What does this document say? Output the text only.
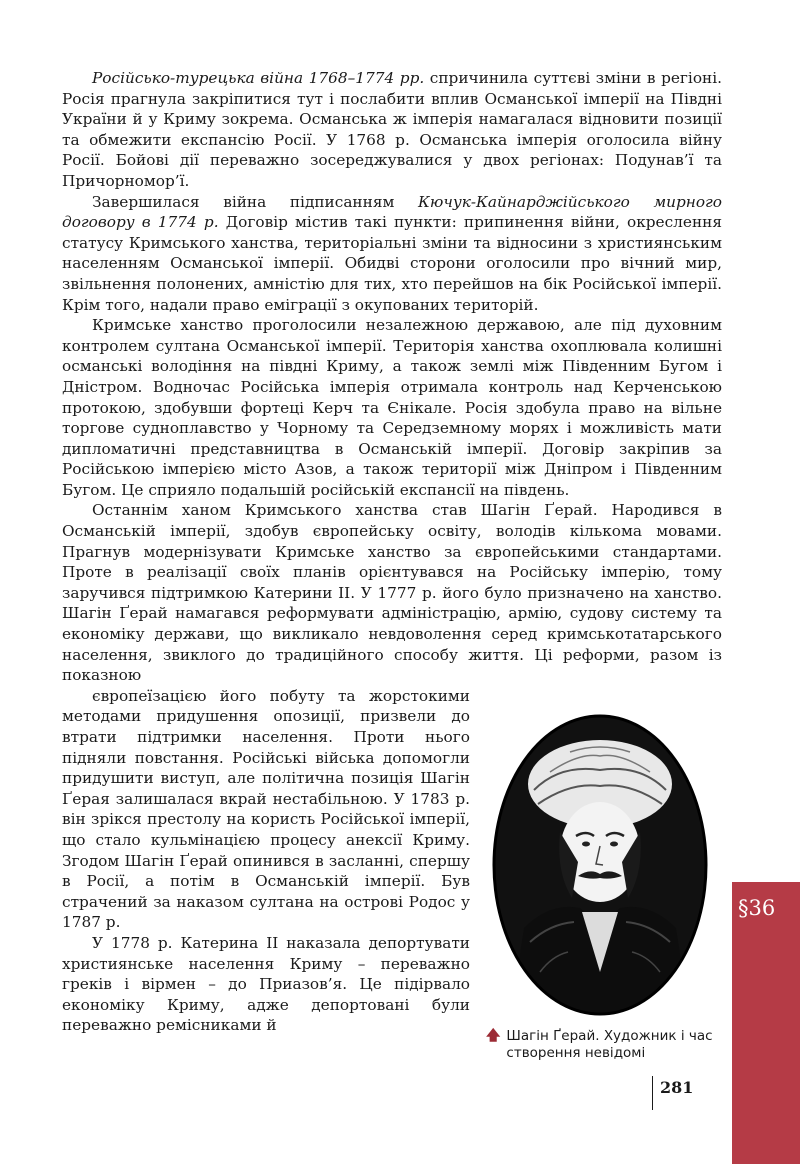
Російсько-турецька війна 1768–1774 рр. спричинила суттєві зміни в регіоні. Росія прагнула закріпитися тут і послабити вплив Османської імперії на Півдні України й у Криму зокрема. Османська ж імперія намагалася відновити позиції та обмежити експансію Росії. У 1768 р. Османська імперія оголосила війну Росії. Бойові дії переважно зосереджувалися у двох регіонах: Подунав’ї та Причорномор’ї.

Завершилася війна підписанням Кючук-Кайнарджійського мирного договору в 1774 р. Договір містив такі пункти: припинення війни, окреслення статусу Кримського ханства, територіальні зміни та відносини з християнським населенням Османської імперії. Обидві сторони оголосили про вічний мир, звільнення полонених, амністію для тих, хто перейшов на бік Російської імперії. Крім того, надали право еміграції з окупованих територій.

Кримське ханство проголосили незалежною державою, але під духовним контролем султана Османської імперії. Територія ханства охоплювала колишні османські володіння на півдні Криму, а також землі між Південним Бугом і Дністром. Водночас Російська імперія отримала контроль над Керченською протокою, здобувши фортеці Керч та Єнікале. Росія здобула право на вільне торгове судноплавство у Чорному та Середземному морях і можливість мати дипломатичні представництва в Османській імперії. Договір закріпив за Російською імперією місто Азов, а також території між Дніпром і Південним Бугом. Це сприяло подальшій російській експансії на південь.

Останнім ханом Кримського ханства став Шагін Ґерай. Народився в Османській імперії, здобув європейську освіту, володів кількома мовами. Прагнув модернізувати Кримське ханство за європейськими стандартами. Проте в реалізації своїх планів орієнтувався на Російську імперію, тому заручився підтримкою Катерини ІІ. У 1777 р. його було призначено на ханство. Шагін Ґерай намагався реформувати адміністрацію, армію, судову систему та економіку держави, що викликало невдоволення серед кримськотатарського населення, звиклого до традиційного способу життя. Ці реформи, разом із показною
європеїзацією його побуту та жорстокими методами придушення опозиції, призвели до втрати підтримки населення. Проти нього підняли повстання. Російські війська допомогли придушити виступ, але політична позиція Шагін Ґерая залишалася вкрай нестабільною. У 1783 р. він зрікся престолу на користь Російської імперії, що стало кульмінацією процесу анексії Криму. Згодом Шагін Ґерай опинився в засланні, спершу в Росії, а потім в Османській імперії. Був страчений за наказом султана на острові Родос у 1787 р.

У 1778 р. Катерина ІІ наказала депортувати християнське населення Криму – переважно греків і вірмен – до Приазов’я. Це підірвало економіку Криму, адже депортовані були переважно ремісниками й

🡅 Шагін Ґерай. Художник і час створення невідомі
§36
281
